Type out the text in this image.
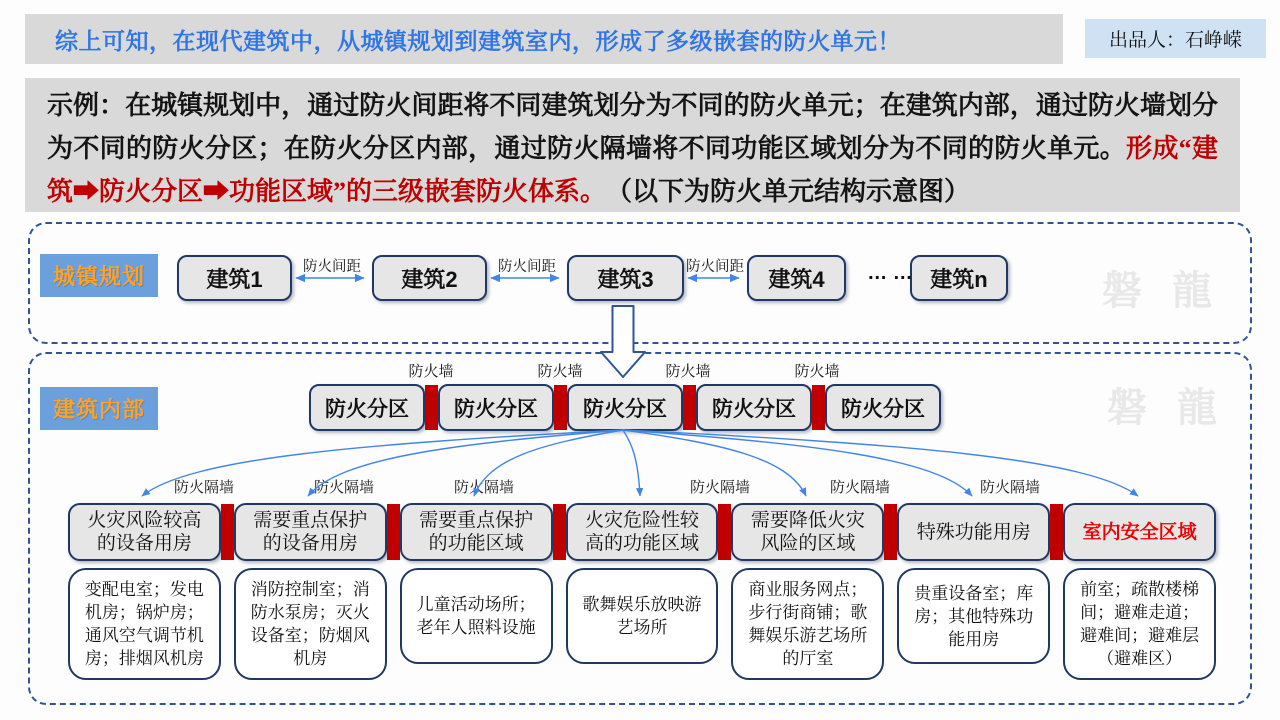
综上可知，在现代建筑中，从城镇规划到建筑室内，形成了多级嵌套的防火单元！	出品人：石峥嵘
示例：在城镇规划中，通过防火间距将不同建筑划分为不同的防火单元；在建筑内部，通过防火墙划分为不同的防火分区；在防火分区内部，通过防火隔墙将不同功能区域划分为不同的防火单元。形成“建筑➡防火分区➡功能区域”的三级嵌套防火体系。　（以下为防火单元结构示意图）
城镇规划	建筑1	建筑2	建筑3	建筑4	建筑n
防火间距	防火间距	防火间距	… …	磐 龍
建筑内部
防火墙	防火墙	防火墙	防火墙
防火分区	防火分区	防火分区	防火分区	防火分区	磐 龍
防火隔墙	防火隔墙	防火隔墙	防火隔墙	防火隔墙	防火隔墙
火灾风险较高的设备用房
需要重点保护的设备用房
需要重点保护的功能区域
火灾危险性较高的功能区域
需要降低火灾风险的区域
特殊功能用房	室内安全区域
变配电室；发电机房；锅炉房；通风空气调节机房；排烟风机房
消防控制室；消防水泵房；灭火设备室；防烟风机房
儿童活动场所；老年人照料设施
歌舞娱乐放映游艺场所
商业服务网点；步行街商铺；歌舞娱乐游艺场所的厅室
贵重设备室；库房；其他特殊功能用房
前室；疏散楼梯间；避难走道；避难间；避难层（避难区）
